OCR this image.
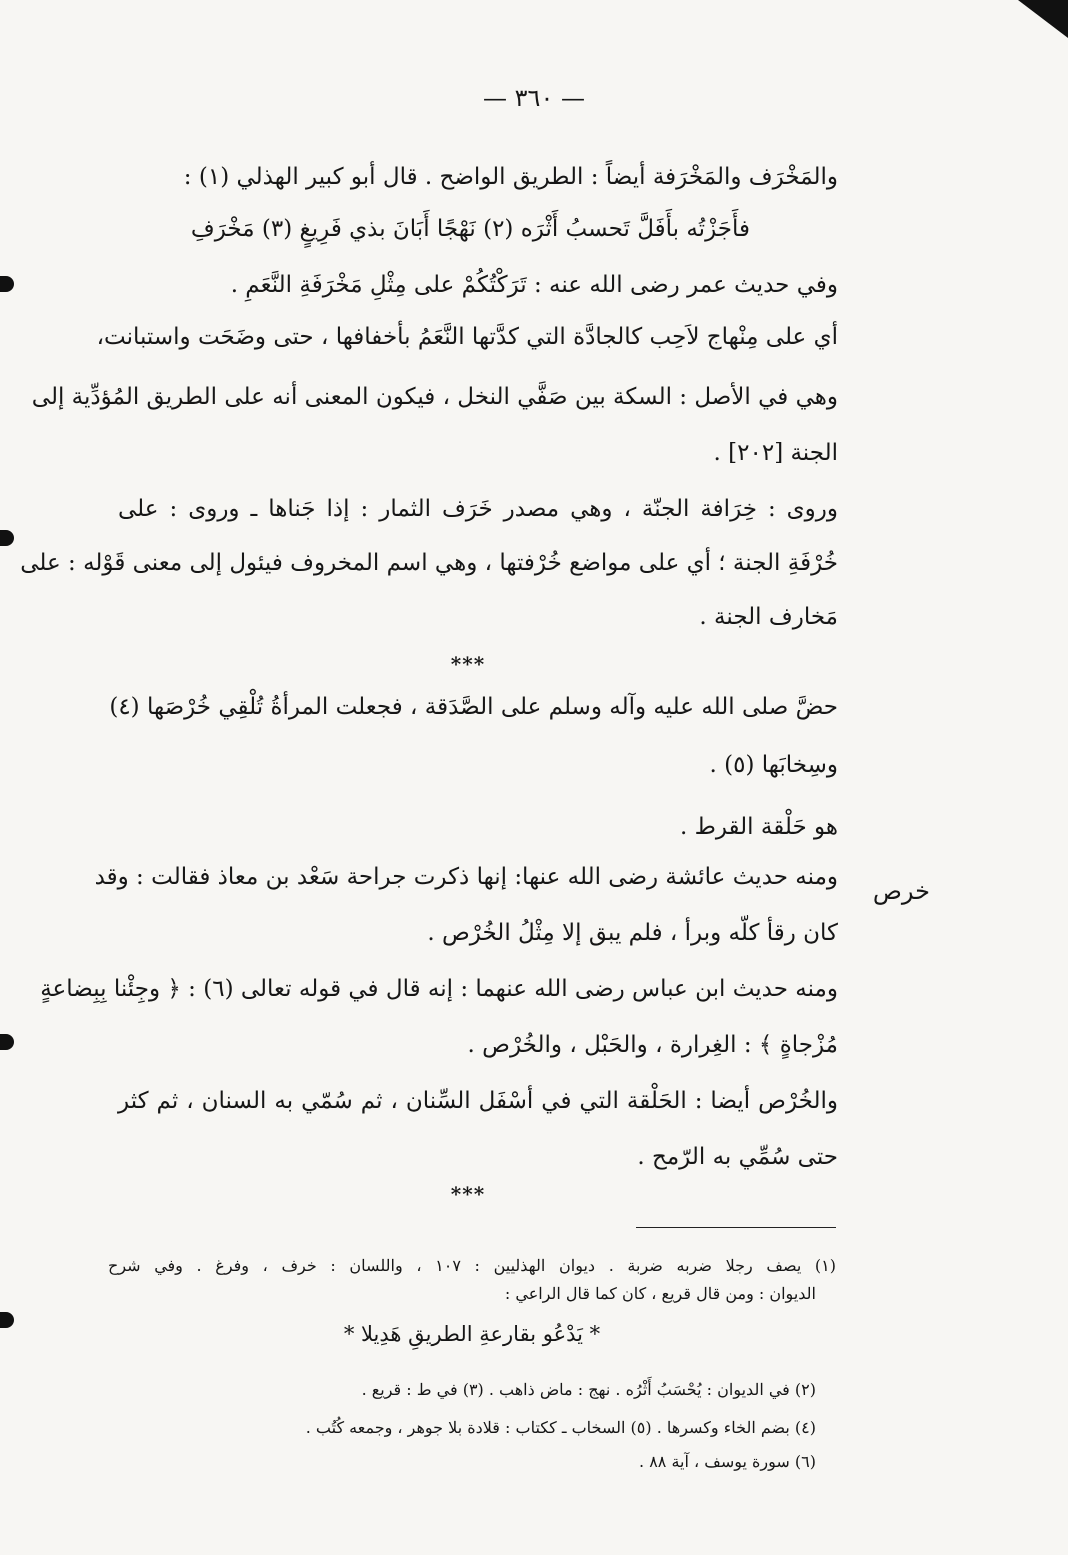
— ٣٦٠ —
والمَخْرَف والمَخْرَفة أيضاً : الطريق الواضح . قال أبو كبير الهذلي (١) :
فأَجَزْتُه بأَفَلَّ تَحسبُ أَثْرَه (٢) نَهْجًا أَبَانَ بذي فَرِيغٍ (٣) مَخْرَفِ
وفي حديث عمر رضى الله عنه : تَرَكْتُكُمْ على مِثْلِ مَخْرَفَةِ النَّعَمِ .
أي على مِنْهاج لاَحِب كالجادَّة التي كدَّتها النَّعَمُ بأخفافها ، حتى وضَحَت واستبانت،
وهي في الأصل : السكة بين صَفَّي النخل ، فيكون المعنى أنه على الطريق المُؤدِّية إلى
الجنة [٢٠٢] .
وروى : خِرَافة الجنّة ، وهي مصدر خَرَف الثمار : إذا جَناها ـ وروى : على
خُرْفَةِ الجنة ؛ أي على مواضع خُرْفتها ، وهي اسم المخروف فيئول إلى معنى قَوْله : على
مَخارف الجنة .
***
حضَّ صلى الله عليه وآله وسلم على الصَّدَقة ، فجعلت المرأةُ تُلْقِي خُرْصَها (٤)
وسِخابَها (٥) .
هو حَلْقة القرط .
ومنه حديث عائشة رضى الله عنها: إنها ذكرت جراحة سَعْد بن معاذ فقالت : وقد
كان رقأ كلّه وبرأ ، فلم يبق إلا مِثْلُ الخُرْص .
ومنه حديث ابن عباس رضى الله عنهما : إنه قال في قوله تعالى (٦) : ﴿ وجِئْنا بِبِضاعةٍ
مُزْجاةٍ ﴾ : الغِرارة ، والحَبْل ، والخُرْص .
والخُرْص أيضا : الحَلْقة التي في أسْفَل السِّنان ، ثم سُمّي به السنان ، ثم كثر
حتى سُمِّي به الرّمح .
***
خرص
(١) يصف رجلا ضربه ضربة . ديوان الهذليين : ١٠٧ ، واللسان : خرف ، وفرغ . وفي شرح
الديوان : ومن قال قريع ، كان كما قال الراعي :
* يَدْعُو بقارعةِ الطريقِ هَدِيلا *
(٢) في الديوان : يُحْسَبُ أَثْرُه . نهج : ماض ذاهب . (٣) في ط : قريع .
(٤) بضم الخاء وكسرها . (٥) السخاب ـ ككتاب : قلادة بلا جوهر ، وجمعه كُتُب .
(٦) سورة يوسف ، آية ٨٨ .
